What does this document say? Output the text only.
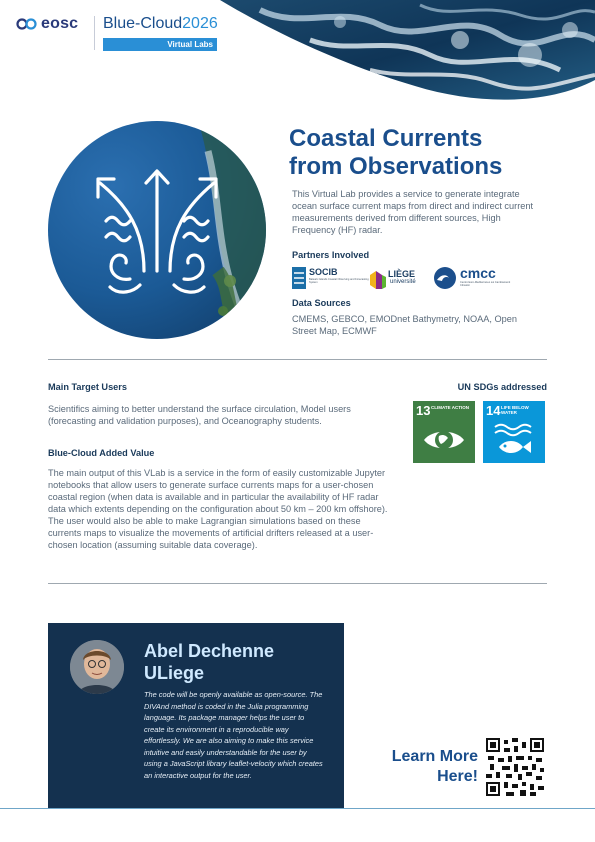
eosc Blue-Cloud2026
Virtual Labs
Coastal Currents
from Observations
This Virtual Lab provides a service to generate integrate ocean surface current maps from direct and indirect current measurements derived from different sources, High Frequency (HF) radar.
Partners Involved
SOCIB
Balearic Islands Coastal Observing and Forecasting System
LIÈGE
université
cmcc
Centro Euro-Mediterraneo sui Cambiamenti Climatici
Data Sources
CMEMS, GEBCO, EMODnet Bathymetry, NOAA, Open Street Map, ECMWF
Main Target Users
Scientifics aiming to better understand the surface circulation, Model users (forecasting and validation purposes), and Oceanography students.
Blue-Cloud Added Value
The main output of this VLab is a service in the form of easily customizable Jupyter notebooks that allow users to generate surface currents maps for a user-chosen coastal region (when data is available and in particular the availability of HF radar data which extents depending on the configuration about 50 km – 200 km offshore). The user would also be able to make Lagrangian simulations based on these currents maps to visualize the movements of artificial drifters released at a user-chosen location (assuming suitable data coverage).
UN SDGs addressed
13 CLIMATE ACTION 14 LIFE BELOW WATER
Abel Dechenne
ULiege
The code will be openly available as open-source. The DIVAnd method is coded in the Julia programming language. Its package manager helps the user to create its environment in a reproducible way effortlessly. We are also aiming to make this service intuitive and easily understandable for the user by using a JavaScript library leaflet-velocity which creates an interactive output for the user.
Learn More
Here!
